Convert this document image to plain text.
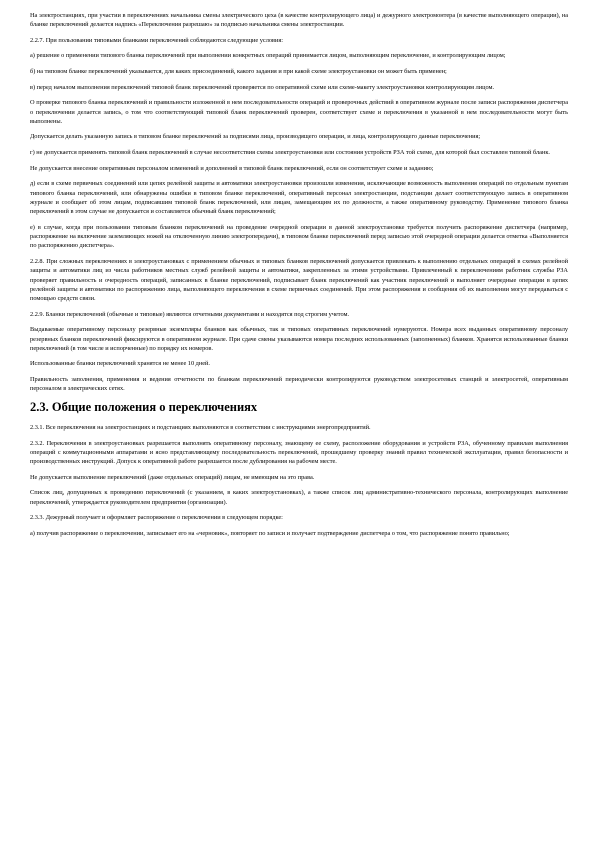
На электростанциях, при участии в переключениях начальника смены электрического цеха (в качестве контролирующего лица) и дежурного электромонтера (в качестве выполняющего операции), на бланке переключений делается надпись «Переключения разрешаю» за подписью начальника смены электростанции.

2.2.7. При пользовании типовыми бланками переключений соблюдаются следующие условия:

а) решение о применении типового бланка переключений при выполнении конкретных операций принимается лицом, выполняющим переключение, и контролирующим лицом;

б) на типовом бланке переключений указывается, для каких присоединений, какого задания и при какой схеме электроустановки он может быть применен;

в) перед началом выполнения переключений типовой бланк переключений проверяется по оперативной схеме или схеме-макету электроустановки контролирующим лицом.

О проверке типового бланка переключений и правильности изложенной в нем последовательности операций и проверочных действий в оперативном журнале после записи распоряжения диспетчера о переключении делается запись, о том что соответствующий типовой бланк переключений проверен, соответствует схеме и переключения в указанной в нем последовательности могут быть выполнены.

Допускается делать указанную запись в типовом бланке переключений за подписями лица, производящего операции, и лица, контролирующего данные переключения;

г) не допускается применять типовой бланк переключений в случае несоответствия схемы электроустановки или состояния устройств РЗА той схеме, для которой был составлен типовой бланк.

Не допускается внесение оперативным персоналом изменений и дополнений в типовой бланк переключений, если он соответствует схеме и заданию;

д) если в схеме первичных соединений или цепях релейной защиты и автоматики электроустановки произошли изменения, исключающие возможность выполнения операций по отдельным пунктам типового бланка переключений, или обнаружены ошибки в типовом бланке переключений, оперативный персонал электростанции, подстанции делает соответствующую запись в оперативном журнале и сообщает об этом лицам, подписавшим типовой бланк переключений, или лицам, замещающим их по должности, а также оперативному руководству. Применение типового бланка переключений в этом случае не допускается и составляется обычный бланк переключений;

е) в случае, когда при пользовании типовым бланком переключений на проведение очередной операции в данной электроустановке требуется получить распоряжение диспетчера (например, распоряжение на включение заземляющих ножей на отключенную линию электропередачи), в типовом бланке переключений перед записью этой очередной операции делается отметка «Выполняется по распоряжению диспетчера».

2.2.8. При сложных переключениях в электроустановках с применением обычных и типовых бланков переключений допускается привлекать к выполнению отдельных операций в схемах релейной защиты и автоматики лиц из числа работников местных служб релейной защиты и автоматики, закрепленных за этими устройствами. Привлеченный к переключениям работник службы РЗА проверяет правильность и очередность операций, записанных в бланке переключений, подписывает бланк переключений как участник переключений и выполняет очередные операции в цепях релейной защиты и автоматики по распоряжению лица, выполняющего переключения в схеме первичных соединений. При этом распоряжения и сообщения об их выполнении могут передаваться с помощью средств связи.

2.2.9. Бланки переключений (обычные и типовые) являются отчетными документами и находятся под строгим учетом.

Выдаваемые оперативному персоналу резервные экземпляры бланков как обычных, так и типовых оперативных переключений нумеруются. Номера всех выданных оперативному персоналу резервных бланков переключений фиксируются в оперативном журнале. При сдаче смены указываются номера последних использованных (заполненных) бланков. Хранятся использованные бланки переключений (в том числе и испорченные) по порядку их номеров.

Использованные бланки переключений хранятся не менее 10 дней.

Правильность заполнения, применения и ведения отчетности по бланкам переключений периодически контролируются руководством электросетевых станций и электросетей, оперативным персоналом в электрических сетях.

2.3. Общие положения о переключениях

2.3.1. Все переключения на электростанциях и подстанциях выполняются в соответствии с инструкциями энергопредприятий.

2.3.2. Переключения в электроустановках разрешается выполнять оперативному персоналу, знающему ее схему, расположение оборудования и устройств РЗА, обученному правилам выполнения операций с коммутационными аппаратами и ясно представляющему последовательность переключений, прошедшему проверку знаний правил технической эксплуатации, правил безопасности и производственных инструкций. Допуск к оперативной работе разрешается после дублирования на рабочем месте.

Не допускается выполнение переключений (даже отдельных операций) лицам, не имеющим на это права.

Список лиц, допущенных к проведению переключений (с указанием, в каких электроустановках), а также список лиц административно-технического персонала, контролирующих выполнение переключений, утверждается руководителем предприятия (организации).

2.3.3. Дежурный получает и оформляет распоряжение о переключении в следующем порядке:

а) получив распоряжение о переключении, записывает его на «черновик», повторяет по записи и получает подтверждение диспетчера о том, что распоряжение понято правильно;
